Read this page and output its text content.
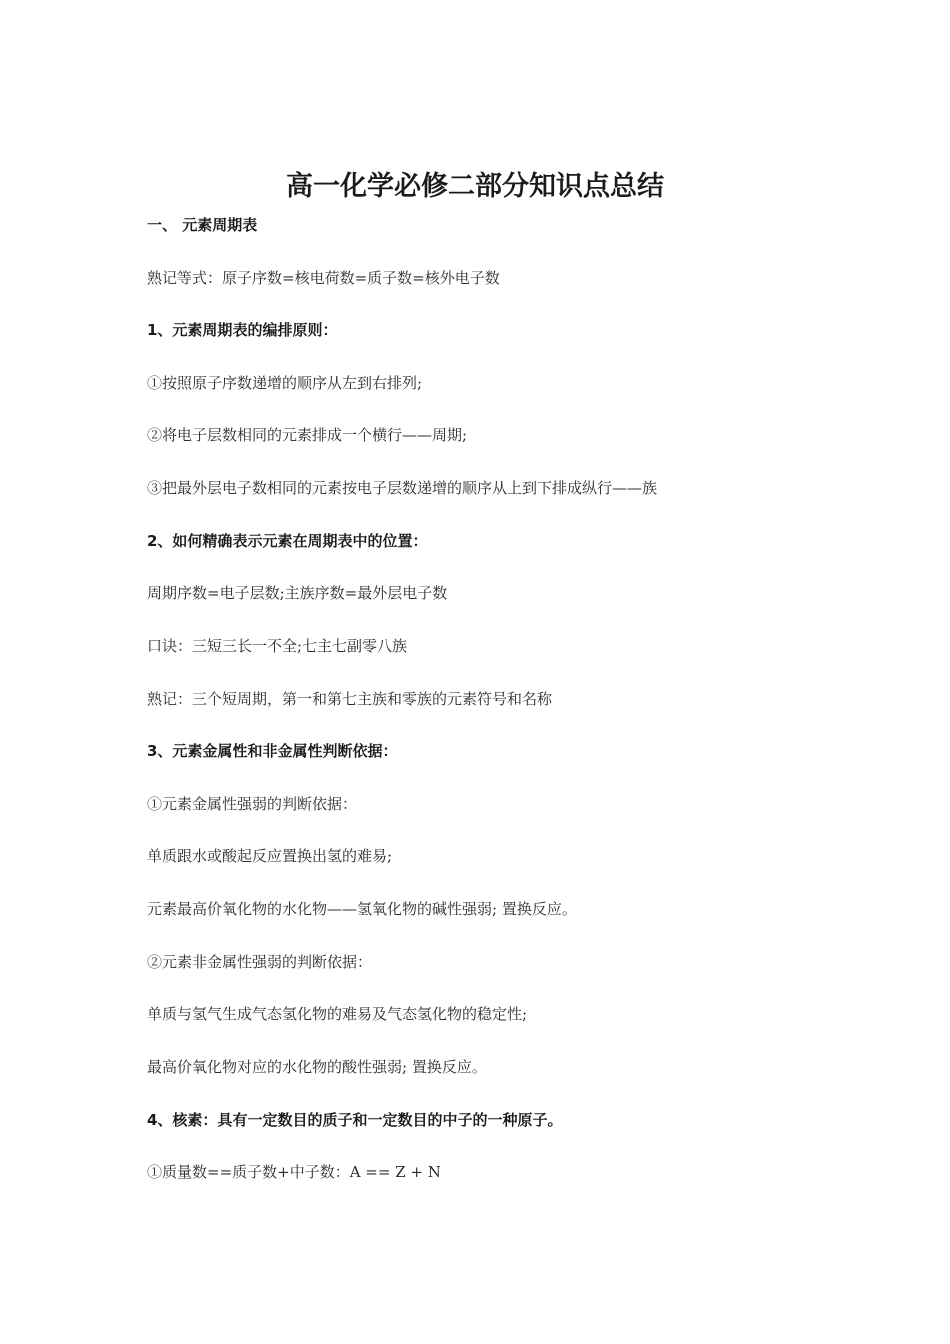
高一化学必修二部分知识点总结
一、 元素周期表
熟记等式：原子序数=核电荷数=质子数=核外电子数
1、元素周期表的编排原则：
①按照原子序数递增的顺序从左到右排列;
②将电子层数相同的元素排成一个横行——周期;
③把最外层电子数相同的元素按电子层数递增的顺序从上到下排成纵行——族
2、如何精确表示元素在周期表中的位置：
周期序数=电子层数;主族序数=最外层电子数
口诀：三短三长一不全;七主七副零八族
熟记：三个短周期，第一和第七主族和零族的元素符号和名称
3、元素金属性和非金属性判断依据：
①元素金属性强弱的判断依据：
单质跟水或酸起反应置换出氢的难易;
元素最高价氧化物的水化物——氢氧化物的碱性强弱; 置换反应。
②元素非金属性强弱的判断依据：
单质与氢气生成气态氢化物的难易及气态氢化物的稳定性;
最高价氧化物对应的水化物的酸性强弱; 置换反应。
4、核素：具有一定数目的质子和一定数目的中子的一种原子。
①质量数==质子数+中子数：A == Z + N
